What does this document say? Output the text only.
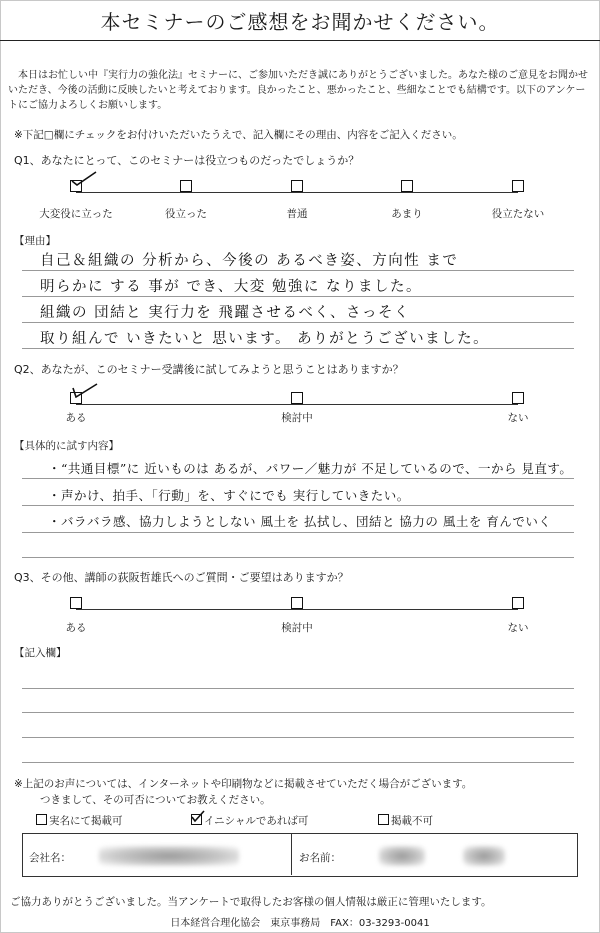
本セミナーのご感想をお聞かせください。
本日はお忙しい中『実行力の強化法』セミナーに、ご参加いただき誠にありがとうございました。あなた様のご意見をお聞かせいただき、今後の活動に反映したいと考えております。良かったこと、悪かったこと、些細なことでも結構です。以下のアンケートにご協力よろしくお願いします。
※下記□欄にチェックをお付けいただいたうえで、記入欄にその理由、内容をご記入ください。
Q1、あなたにとって、このセミナーは役立つものだったでしょうか？
大変役に立った	役立った	普通	あまり	役立たない
【理由】
自己＆組織の 分析から、今後の あるべき姿、方向性 まで
明らかに する 事が でき、大変 勉強に なりました。
組織の 団結と 実行力を 飛躍させるべく、さっそく
取り組んで いきたいと 思います。 ありがとうございました。
Q2、あなたが、このセミナー受講後に試してみようと思うことはありますか？
ある	検討中	ない
【具体的に試す内容】
・“共通目標”に 近いものは あるが、パワー／魅力が 不足しているので、一から 見直す。
・声かけ、拍手、「行動」を、すぐにでも 実行していきたい。
・バラバラ感、協力しようとしない 風土を 払拭し、団結と 協力の 風土を 育んでいく
Q3、その他、講師の荻阪哲雄氏へのご質問・ご要望はありますか？
ある	検討中	ない
【記入欄】
※上記のお声については、インターネットや印刷物などに掲載させていただく場合がございます。
つきまして、その可否についてお教えください。
実名にて掲載可	イニシャルであれば可	掲載不可
会社名：	お名前：
ご協力ありがとうございました。当アンケートで取得したお客様の個人情報は厳正に管理いたします。
日本経営合理化協会　東京事務局　FAX：03-3293-0041
